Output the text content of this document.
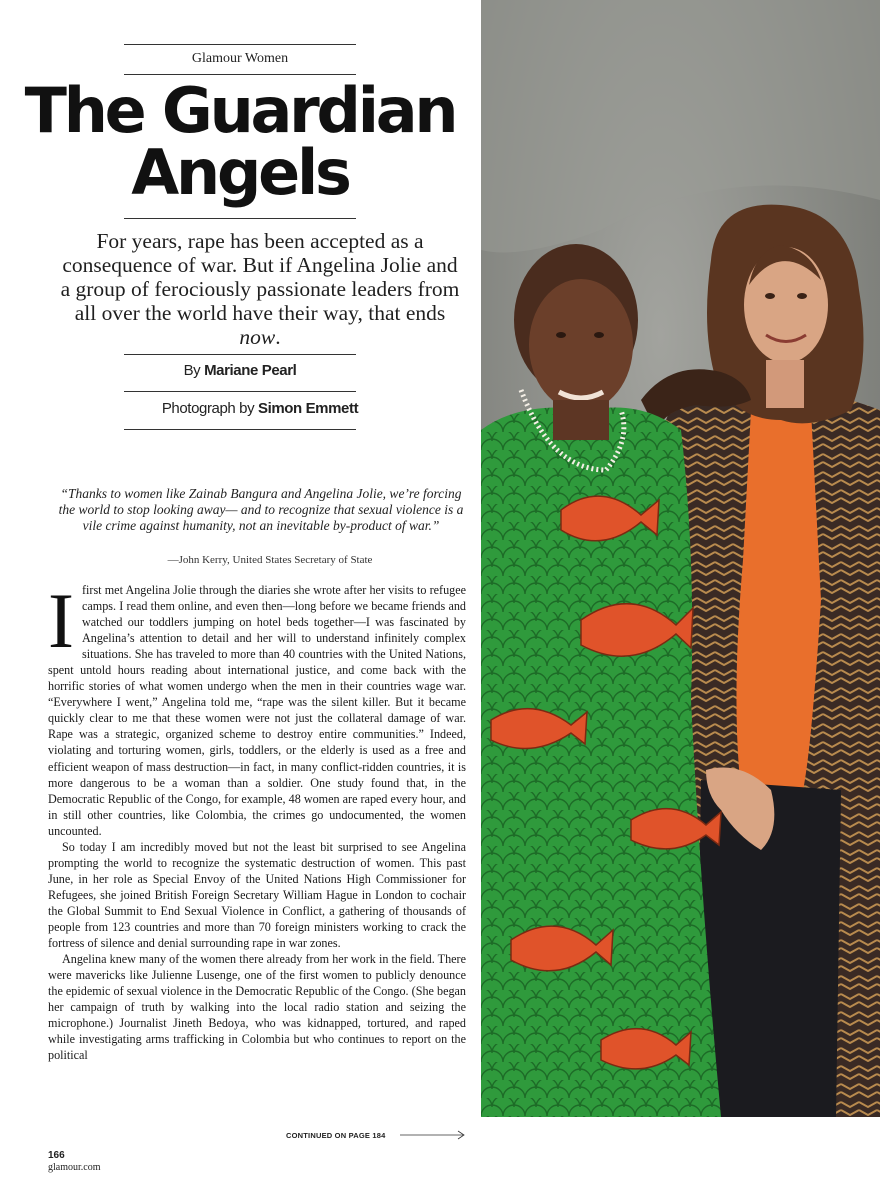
Glamour Women
The Guardian
Angels

For years, rape has been accepted as a consequence of war. But if Angelina Jolie and a group of ferociously passionate leaders from all over the world have their way, that ends now.

By Mariane Pearl
Photograph by Simon Emmett

“Thanks to women like Zainab Bangura and Angelina Jolie, we’re forcing the world to stop looking away— and to recognize that sexual violence is a vile crime against humanity, not an inevitable by-product of war.”

—John Kerry, United States Secretary of State

Ifirst met Angelina Jolie through the diaries she wrote after her visits to refugee camps. I read them online, and even then—long before we became friends and watched our toddlers jumping on hotel beds together—I was fascinated by Angelina’s attention to detail and her will to understand infinitely complex situations. She has traveled to more than 40 countries with the United Nations, spent untold hours reading about international justice, and come back with the horrific stories of what women undergo when the men in their countries wage war. “Everywhere I went,” Angelina told me, “rape was the silent killer. But it became quickly clear to me that these women were not just the collateral damage of war. Rape was a strategic, organized scheme to destroy entire communities.” Indeed, violating and torturing women, girls, toddlers, or the elderly is used as a free and efficient weapon of mass destruction—in fact, in many conflict-ridden countries, it is more dangerous to be a woman than a soldier. One study found that, in the Democratic Republic of the Congo, for example, 48 women are raped every hour, and in still other countries, like Colombia, the crimes go undocumented, the women uncounted.

So today I am incredibly moved but not the least bit surprised to see Angelina prompting the world to recognize the systematic destruction of women. This past June, in her role as Special Envoy of the United Nations High Commissioner for Refugees, she joined British Foreign Secretary William Hague in London to cochair the Global Summit to End Sexual Violence in Conflict, a gathering of thousands of people from 123 countries and more than 70 foreign ministers working to crack the fortress of silence and denial surrounding rape in war zones.

Angelina knew many of the women there already from her work in the field. There were mavericks like Julienne Lusenge, one of the first women to publicly denounce the epidemic of sexual violence in the Democratic Republic of the Congo. (She began her campaign of truth by walking into the local radio station and seizing the microphone.) Journalist Jineth Bedoya, who was kidnapped, tortured, and raped while investigating arms trafficking in Colombia but who continues to report on the political

CONTINUED ON PAGE 184
166
glamour.com
